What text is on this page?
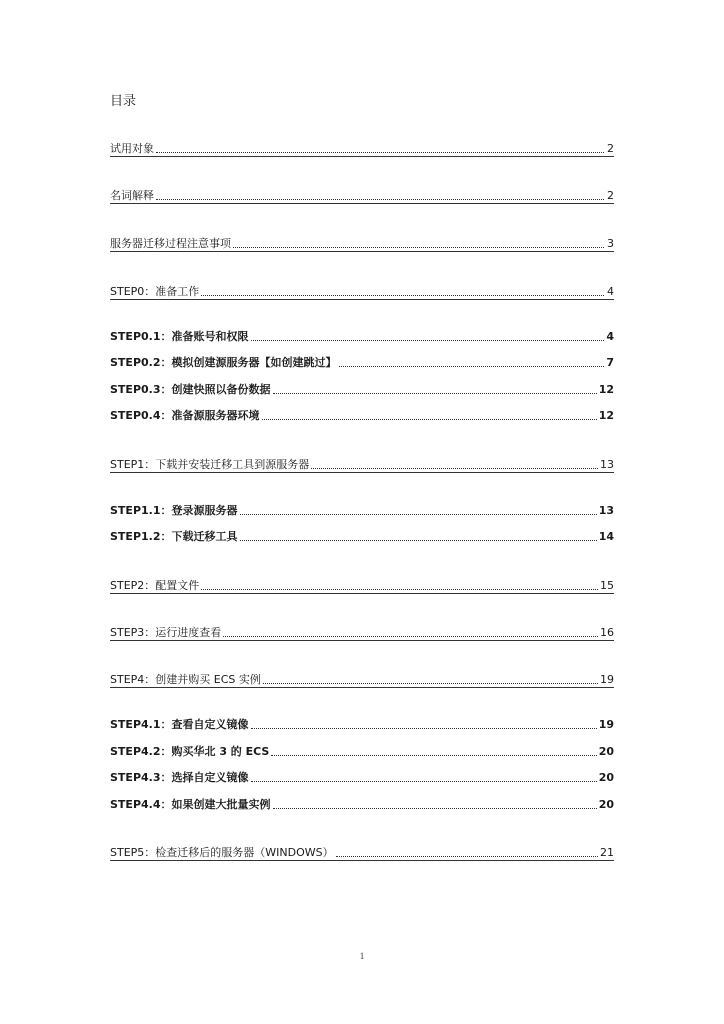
目录
试用对象	2
名词解释	2
服务器迁移过程注意事项	3
STEP0：准备工作	4
STEP0.1：准备账号和权限	4
STEP0.2：模拟创建源服务器【如创建跳过】	7
STEP0.3：创建快照以备份数据	12
STEP0.4：准备源服务器环境	12
STEP1：下载并安装迁移工具到源服务器	13
STEP1.1：登录源服务器	13
STEP1.2：下载迁移工具	14
STEP2：配置文件	15
STEP3：运行进度查看	16
STEP4：创建并购买 ECS 实例	19
STEP4.1：查看自定义镜像	19
STEP4.2：购买华北 3 的 ECS	20
STEP4.3：选择自定义镜像	20
STEP4.4：如果创建大批量实例	20
STEP5：检查迁移后的服务器（WINDOWS）	21
1
